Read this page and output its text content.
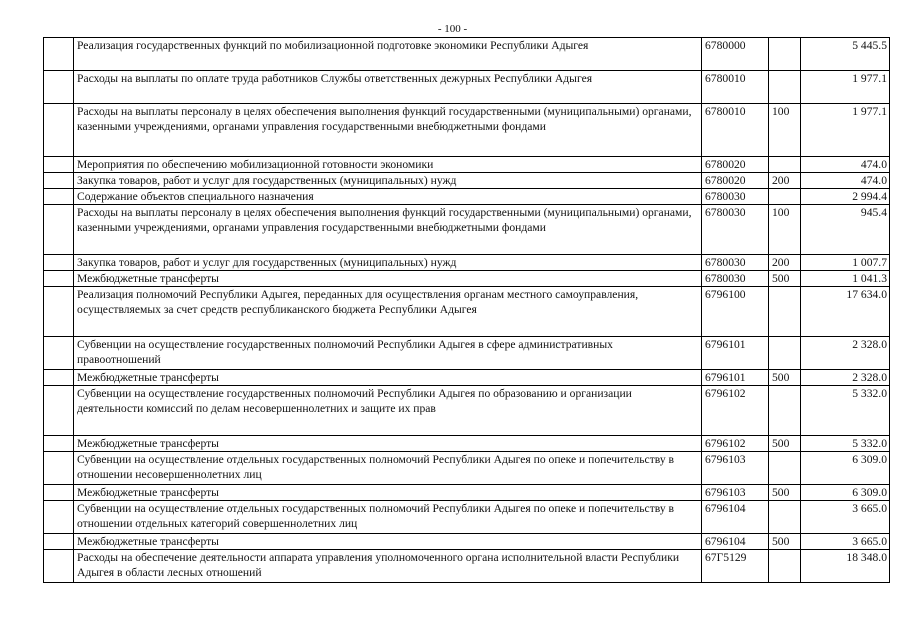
- 100 -
	Реализация государственных функций по мобилизационной подготовке экономики Республики Адыгея	6780000		5 445.5
	Расходы на выплаты по оплате труда работников Службы ответственных дежурных Республики Адыгея	6780010		1 977.1
	Расходы на выплаты персоналу в целях обеспечения выполнения функций государственными (муниципальными) органами, казенными учреждениями, органами управления государственными внебюджетными фондами	6780010	100	1 977.1
	Мероприятия по обеспечению мобилизационной готовности экономики	6780020		474.0
	Закупка товаров, работ и услуг для государственных (муниципальных) нужд	6780020	200	474.0
	Содержание объектов специального назначения	6780030		2 994.4
	Расходы на выплаты персоналу в целях обеспечения выполнения функций государственными (муниципальными) органами, казенными учреждениями, органами управления государственными внебюджетными фондами	6780030	100	945.4
	Закупка товаров, работ и услуг для государственных (муниципальных) нужд	6780030	200	1 007.7
	Межбюджетные трансферты	6780030	500	1 041.3
	Реализация полномочий Республики Адыгея, переданных для осуществления органам местного самоуправления, осуществляемых за счет средств республиканского бюджета Республики Адыгея	6796100		17 634.0
	Субвенции на осуществление государственных полномочий Республики Адыгея в сфере административных правоотношений	6796101		2 328.0
	Межбюджетные трансферты	6796101	500	2 328.0
	Субвенции на осуществление государственных полномочий Республики Адыгея по образованию и организации деятельности комиссий по делам несовершеннолетних и защите их прав	6796102		5 332.0
	Межбюджетные трансферты	6796102	500	5 332.0
	Субвенции на осуществление отдельных государственных полномочий Республики Адыгея по опеке и попечительству в отношении несовершеннолетних лиц	6796103		6 309.0
	Межбюджетные трансферты	6796103	500	6 309.0
	Субвенции на осуществление отдельных государственных полномочий Республики Адыгея по опеке и попечительству в отношении отдельных категорий совершеннолетних лиц	6796104		3 665.0
	Межбюджетные трансферты	6796104	500	3 665.0
	Расходы на обеспечение деятельности аппарата управления уполномоченного органа исполнительной власти Республики Адыгея в области лесных отношений	67Г5129		18 348.0
